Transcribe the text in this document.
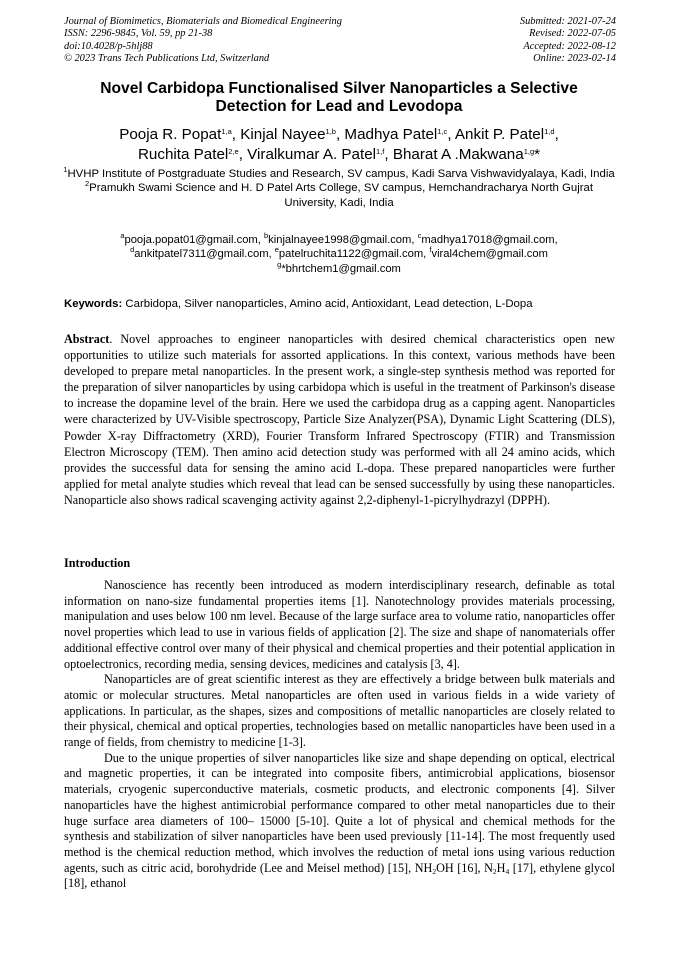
Journal of Biomimetics, Biomaterials and Biomedical Engineering
ISSN: 2296-9845, Vol. 59, pp 21-38
doi:10.4028/p-5hlj88
© 2023 Trans Tech Publications Ltd, Switzerland
Submitted: 2021-07-24
Revised: 2022-07-05
Accepted: 2022-08-12
Online: 2023-02-14
Novel Carbidopa Functionalised Silver Nanoparticles a Selective
Detection for Lead and Levodopa
Pooja R. Popat$^{1,a}$, Kinjal Nayee$^{1,b}$, Madhya Patel$^{1,c}$, Ankit P. Patel$^{1,d}$,
Ruchita Patel$^{2,e}$, Viralkumar A. Patel$^{1,f}$, Bharat A .Makwana$^{1,g}$*
$^1$HVHP Institute of Postgraduate Studies and Research, SV campus, Kadi Sarva Vishwavidyalaya, Kadi, India
$^2$Pramukh Swami Science and H. D Patel Arts College, SV campus, Hemchandracharya North Gujrat University, Kadi, India
$^a$pooja.popat01@gmail.com, $^b$kinjalnayee1998@gmail.com, $^c$madhya17018@gmail.com,
$^d$ankitpatel7311@gmail.com, $^e$patelruchita1122@gmail.com, $^f$viral4chem@gmail.com
$^g$*bhrtchem1@gmail.com
Keywords: Carbidopa, Silver nanoparticles, Amino acid, Antioxidant, Lead detection, L-Dopa
Abstract. Novel approaches to engineer nanoparticles with desired chemical characteristics open new opportunities to utilize such materials for assorted applications. In this context, various methods have been developed to prepare metal nanoparticles. In the present work, a single-step synthesis method was reported for the preparation of silver nanoparticles by using carbidopa which is useful in the treatment of Parkinson's disease to increase the dopamine level of the brain. Here we used the carbidopa drug as a capping agent. Nanoparticles were characterized by UV-Visible spectroscopy, Particle Size Analyzer(PSA), Dynamic Light Scattering (DLS), Powder X-ray Diffractometry (XRD), Fourier Transform Infrared Spectroscopy (FTIR) and Transmission Electron Microscopy (TEM). Then amino acid detection study was performed with all 24 amino acids, which provides the successful data for sensing the amino acid L-dopa. These prepared nanoparticles were further applied for metal analyte studies which reveal that lead can be sensed successfully by using these nanoparticles. Nanoparticle also shows radical scavenging activity against 2,2-diphenyl-1-picrylhydrazyl (DPPH).
Introduction

Nanoscience has recently been introduced as modern interdisciplinary research, definable as total information on nano-size fundamental properties items [1]. Nanotechnology provides materials processing, manipulation and uses below 100 nm level. Because of the large surface area to volume ratio, nanoparticles offer novel properties which lead to use in various fields of application [2]. The size and shape of nanomaterials offer additional effective control over many of their physical and chemical properties and their potential application in optoelectronics, recording media, sensing devices, medicines and catalysis [3, 4].

Nanoparticles are of great scientific interest as they are effectively a bridge between bulk materials and atomic or molecular structures. Metal nanoparticles are often used in various fields in a wide variety of applications. In particular, as the shapes, sizes and compositions of metallic nanoparticles are closely related to their physical, chemical and optical properties, technologies based on metallic nanoparticles have been used in a range of fields, from chemistry to medicine [1-3].

Due to the unique properties of silver nanoparticles like size and shape depending on optical, electrical and magnetic properties, it can be integrated into composite fibers, antimicrobial applications, biosensor materials, cryogenic superconductive materials, cosmetic products, and electronic components [4]. Silver nanoparticles have the highest antimicrobial performance compared to other metal nanoparticles due to their huge surface area diameters of 100– 15000 [5-10]. Quite a lot of physical and chemical methods for the synthesis and stabilization of silver nanoparticles have been used previously [11-14]. The most frequently used method is the chemical reduction method, which involves the reduction of metal ions using various reduction agents, such as citric acid, borohydride (Lee and Meisel method) [15], $NH_2OH$ [16], $N_2H_4$ [17], ethylene glycol [18], ethanol
